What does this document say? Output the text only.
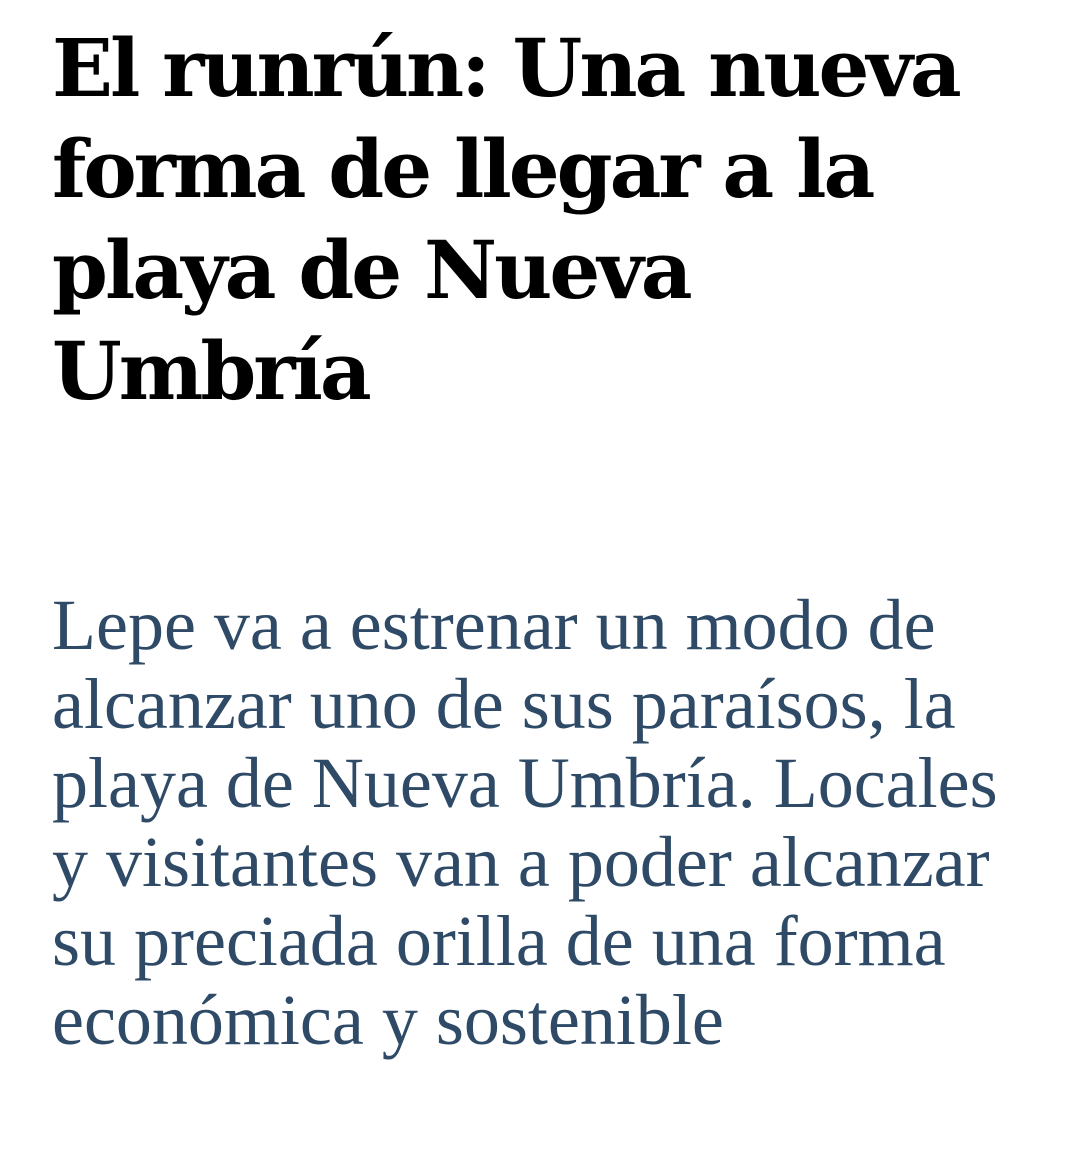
El runrún: Una nueva forma de llegar a la playa de Nueva Umbría

Lepe va a estrenar un modo de alcanzar uno de sus paraísos, la playa de Nueva Umbría. Locales y visitantes van a poder alcanzar su preciada orilla de una forma económica y sostenible
